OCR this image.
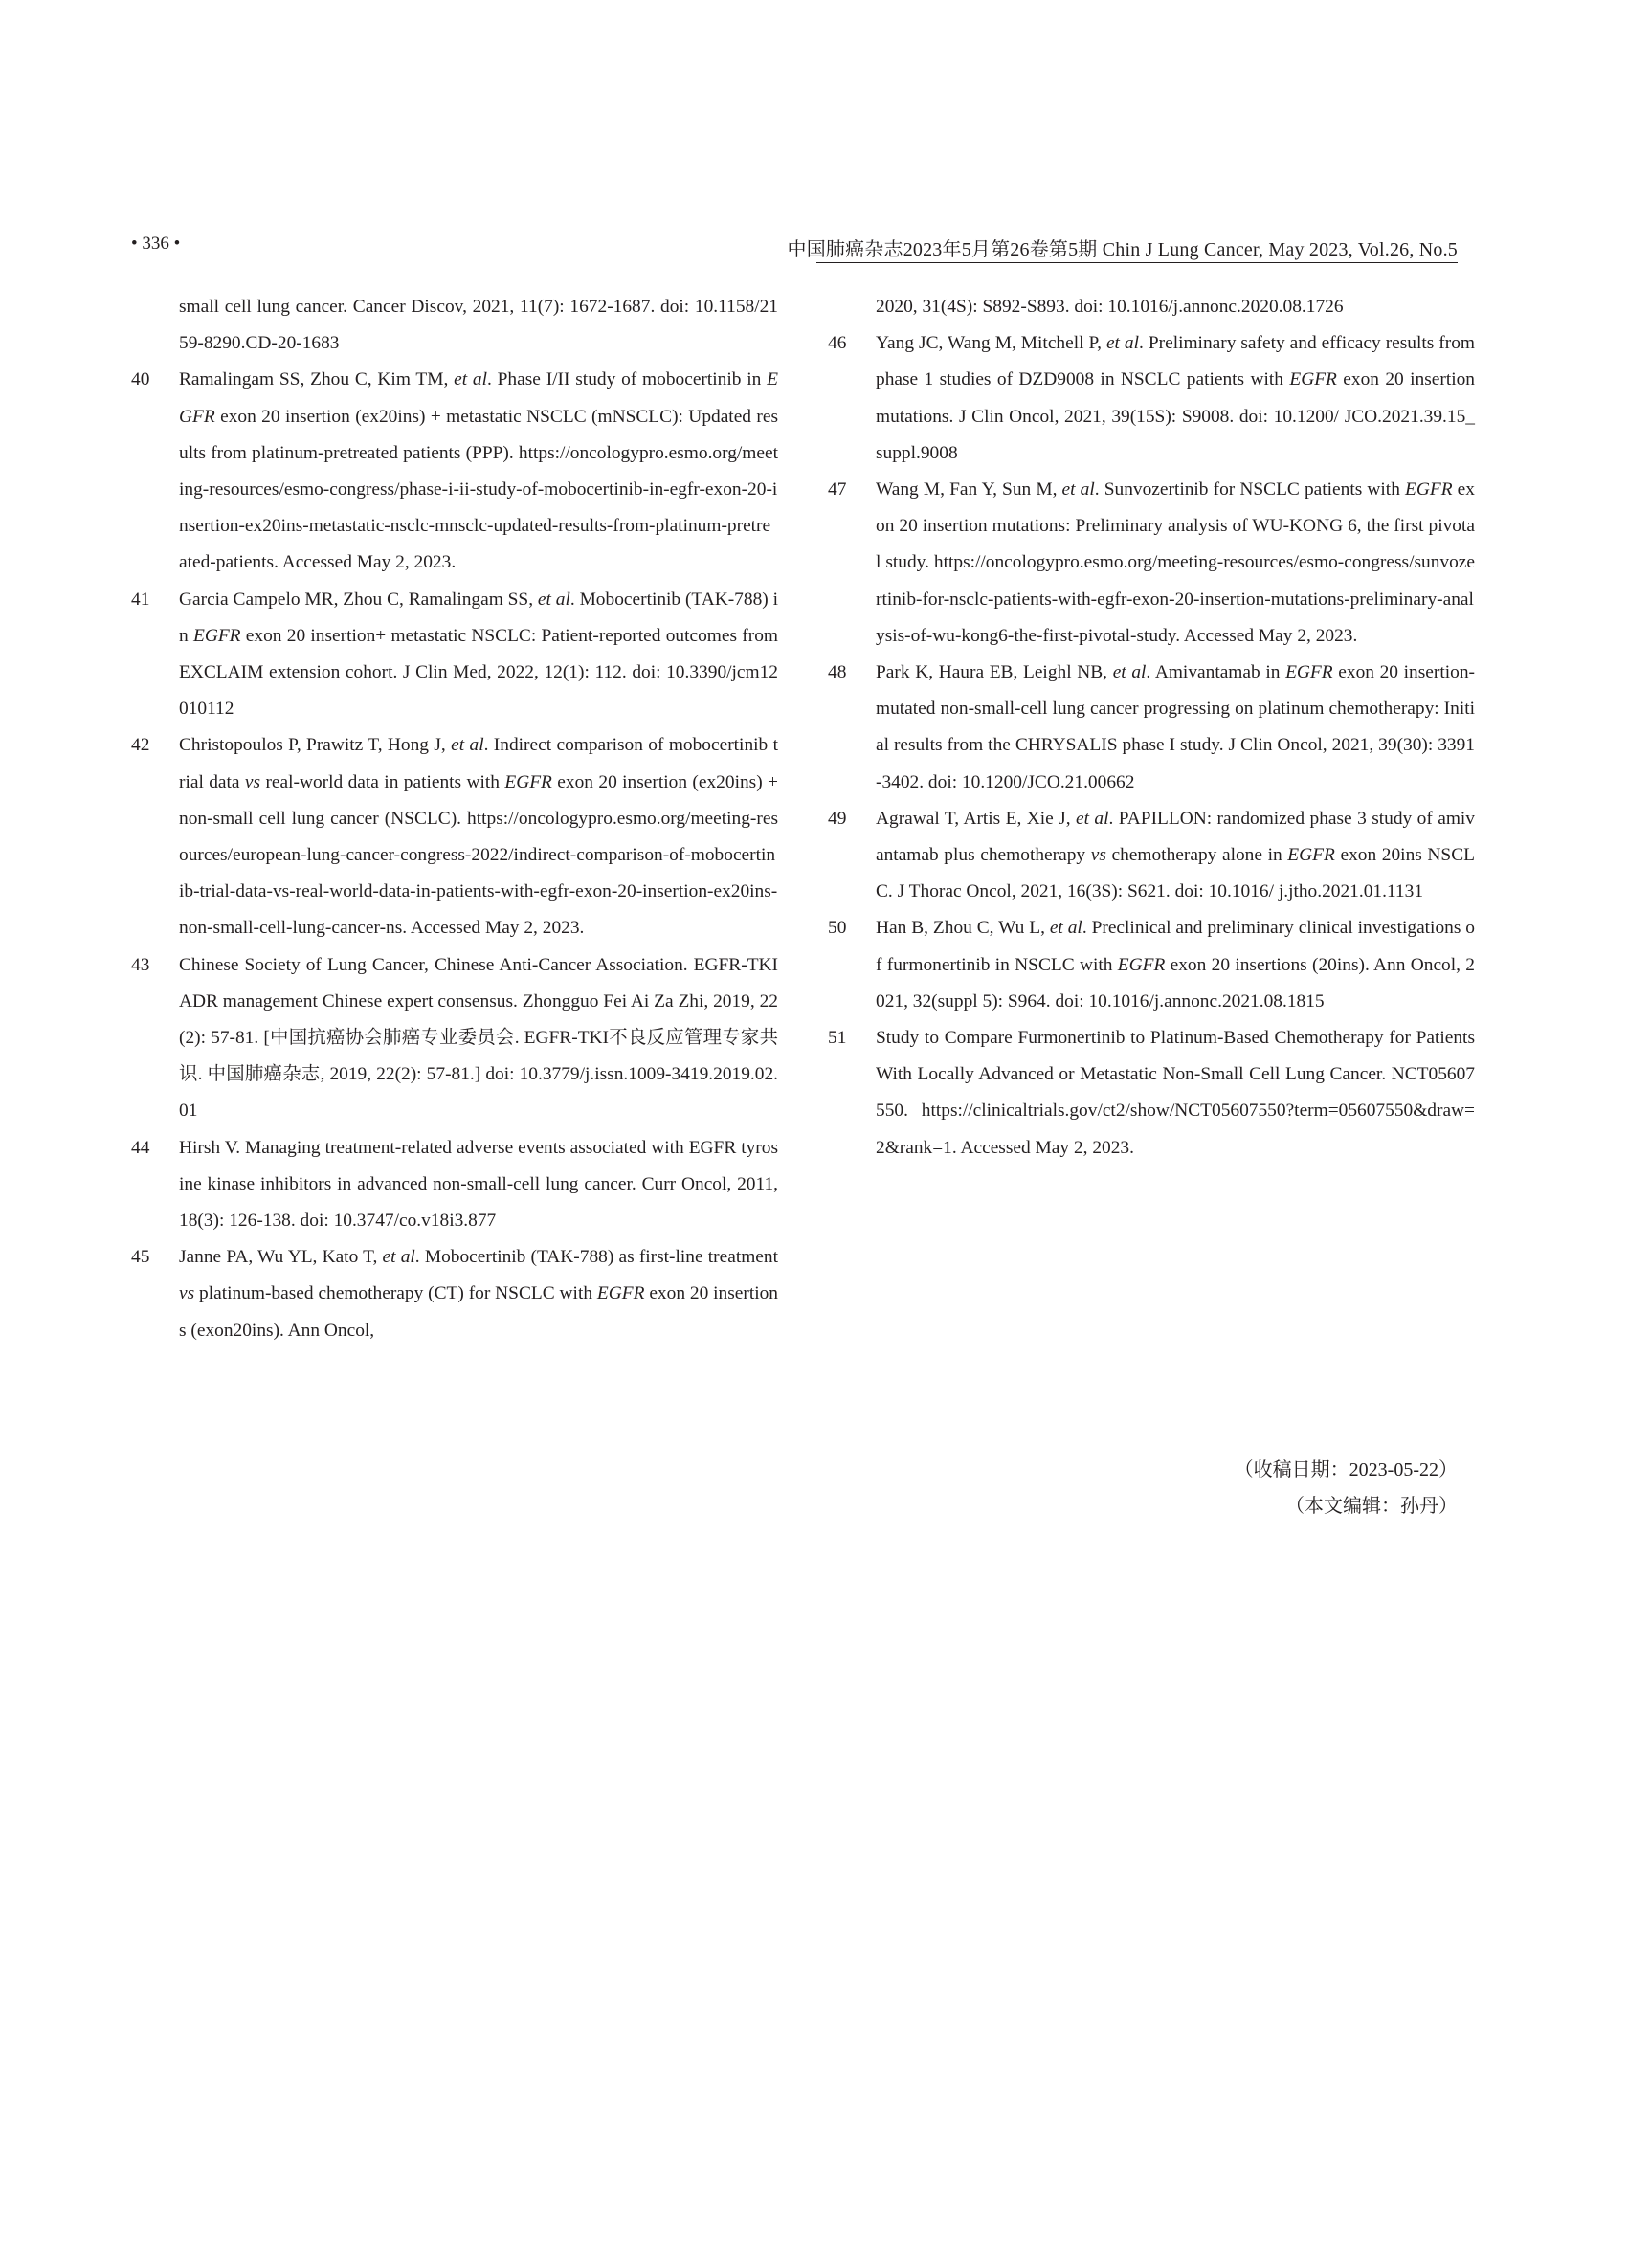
• 336 •	中国肺癌杂志2023年5月第26卷第5期 Chin J Lung Cancer, May 2023, Vol.26, No.5
small cell lung cancer. Cancer Discov, 2021, 11(7): 1672-1687. doi: 10.1158/2159-8290.CD-20-1683
40 Ramalingam SS, Zhou C, Kim TM, et al. Phase I/II study of mobocertinib in EGFR exon 20 insertion (ex20ins) + metastatic NSCLC (mNSCLC): Updated results from platinum-pretreated patients (PPP). https://oncologypro.esmo.org/meeting-resources/esmo-congress/phase-i-ii-study-of-mobocertinib-in-egfr-exon-20-insertion-ex20ins-metastatic-nsclc-mnsclc-updated-results-from-platinum-pretreated-patients. Accessed May 2, 2023.
41 Garcia Campelo MR, Zhou C, Ramalingam SS, et al. Mobocertinib (TAK-788) in EGFR exon 20 insertion+ metastatic NSCLC: Patient-reported outcomes from EXCLAIM extension cohort. J Clin Med, 2022, 12(1): 112. doi: 10.3390/jcm12010112
42 Christopoulos P, Prawitz T, Hong J, et al. Indirect comparison of mobocertinib trial data vs real-world data in patients with EGFR exon 20 insertion (ex20ins) + non-small cell lung cancer (NSCLC). https://oncologypro.esmo.org/meeting-resources/european-lung-cancer-congress-2022/indirect-comparison-of-mobocertinib-trial-data-vs-real-world-data-in-patients-with-egfr-exon-20-insertion-ex20ins-non-small-cell-lung-cancer-ns. Accessed May 2, 2023.
43 Chinese Society of Lung Cancer, Chinese Anti-Cancer Association. EGFR-TKI ADR management Chinese expert consensus. Zhongguo Fei Ai Za Zhi, 2019, 22(2): 57-81. [中国抗癌协会肺癌专业委员会. EGFR-TKI不良反应管理专家共识. 中国肺癌杂志, 2019, 22(2): 57-81.] doi: 10.3779/j.issn.1009-3419.2019.02.01
44 Hirsh V. Managing treatment-related adverse events associated with EGFR tyrosine kinase inhibitors in advanced non-small-cell lung cancer. Curr Oncol, 2011, 18(3): 126-138. doi: 10.3747/co.v18i3.877
45 Janne PA, Wu YL, Kato T, et al. Mobocertinib (TAK-788) as first-line treatment vs platinum-based chemotherapy (CT) for NSCLC with EGFR exon 20 insertions (exon20ins). Ann Oncol,
2020, 31(4S): S892-S893. doi: 10.1016/j.annonc.2020.08.1726
46 Yang JC, Wang M, Mitchell P, et al. Preliminary safety and efficacy results from phase 1 studies of DZD9008 in NSCLC patients with EGFR exon 20 insertion mutations. J Clin Oncol, 2021, 39(15S): S9008. doi: 10.1200/ JCO.2021.39.15_suppl.9008
47 Wang M, Fan Y, Sun M, et al. Sunvozertinib for NSCLC patients with EGFR exon 20 insertion mutations: Preliminary analysis of WU-KONG 6, the first pivotal study. https://oncologypro.esmo.org/meeting-resources/esmo-congress/sunvozertinib-for-nsclc-patients-with-egfr-exon-20-insertion-mutations-preliminary-analysis-of-wu-kong6-the-first-pivotal-study. Accessed May 2, 2023.
48 Park K, Haura EB, Leighl NB, et al. Amivantamab in EGFR exon 20 insertion-mutated non-small-cell lung cancer progressing on platinum chemotherapy: Initial results from the CHRYSALIS phase I study. J Clin Oncol, 2021, 39(30): 3391-3402. doi: 10.1200/JCO.21.00662
49 Agrawal T, Artis E, Xie J, et al. PAPILLON: randomized phase 3 study of amivantamab plus chemotherapy vs chemotherapy alone in EGFR exon 20ins NSCLC. J Thorac Oncol, 2021, 16(3S): S621. doi: 10.1016/ j.jtho.2021.01.1131
50 Han B, Zhou C, Wu L, et al. Preclinical and preliminary clinical investigations of furmonertinib in NSCLC with EGFR exon 20 insertions (20ins). Ann Oncol, 2021, 32(suppl 5): S964. doi: 10.1016/j.annonc.2021.08.1815
51 Study to Compare Furmonertinib to Platinum-Based Chemotherapy for Patients With Locally Advanced or Metastatic Non-Small Cell Lung Cancer. NCT05607550. https://clinicaltrials.gov/ct2/show/NCT05607550?term=05607550&draw=2&rank=1. Accessed May 2, 2023.
（收稿日期：2023-05-22）
（本文编辑：孙丹）
